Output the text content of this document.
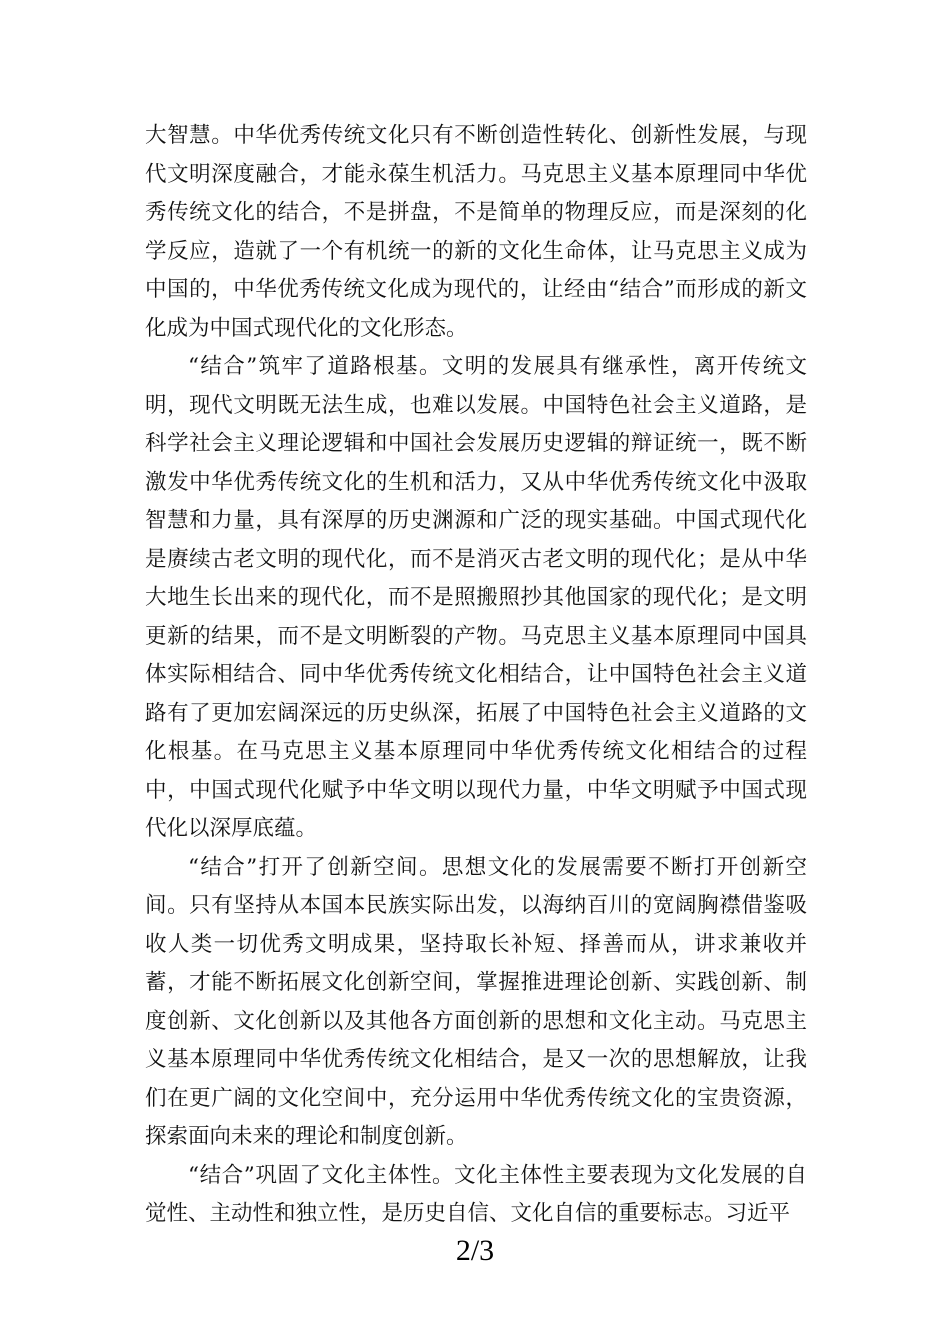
大智慧。中华优秀传统文化只有不断创造性转化、创新性发展，与现代文明深度融合，才能永葆生机活力。马克思主义基本原理同中华优秀传统文化的结合，不是拼盘，不是简单的物理反应，而是深刻的化学反应，造就了一个有机统一的新的文化生命体，让马克思主义成为中国的，中华优秀传统文化成为现代的，让经由“结合”而形成的新文化成为中国式现代化的文化形态。

“结合”筑牢了道路根基。文明的发展具有继承性，离开传统文明，现代文明既无法生成，也难以发展。中国特色社会主义道路，是科学社会主义理论逻辑和中国社会发展历史逻辑的辩证统一，既不断激发中华优秀传统文化的生机和活力，又从中华优秀传统文化中汲取智慧和力量，具有深厚的历史渊源和广泛的现实基础。中国式现代化是赓续古老文明的现代化，而不是消灭古老文明的现代化；是从中华大地生长出来的现代化，而不是照搬照抄其他国家的现代化；是文明更新的结果，而不是文明断裂的产物。马克思主义基本原理同中国具体实际相结合、同中华优秀传统文化相结合，让中国特色社会主义道路有了更加宏阔深远的历史纵深，拓展了中国特色社会主义道路的文化根基。在马克思主义基本原理同中华优秀传统文化相结合的过程中，中国式现代化赋予中华文明以现代力量，中华文明赋予中国式现代化以深厚底蕴。

“结合”打开了创新空间。思想文化的发展需要不断打开创新空间。只有坚持从本国本民族实际出发，以海纳百川的宽阔胸襟借鉴吸收人类一切优秀文明成果，坚持取长补短、择善而从，讲求兼收并蓄，才能不断拓展文化创新空间，掌握推进理论创新、实践创新、制度创新、文化创新以及其他各方面创新的思想和文化主动。马克思主义基本原理同中华优秀传统文化相结合，是又一次的思想解放，让我们在更广阔的文化空间中，充分运用中华优秀传统文化的宝贵资源，探索面向未来的理论和制度创新。

“结合”巩固了文化主体性。文化主体性主要表现为文化发展的自觉性、主动性和独立性，是历史自信、文化自信的重要标志。习近平

2/3
